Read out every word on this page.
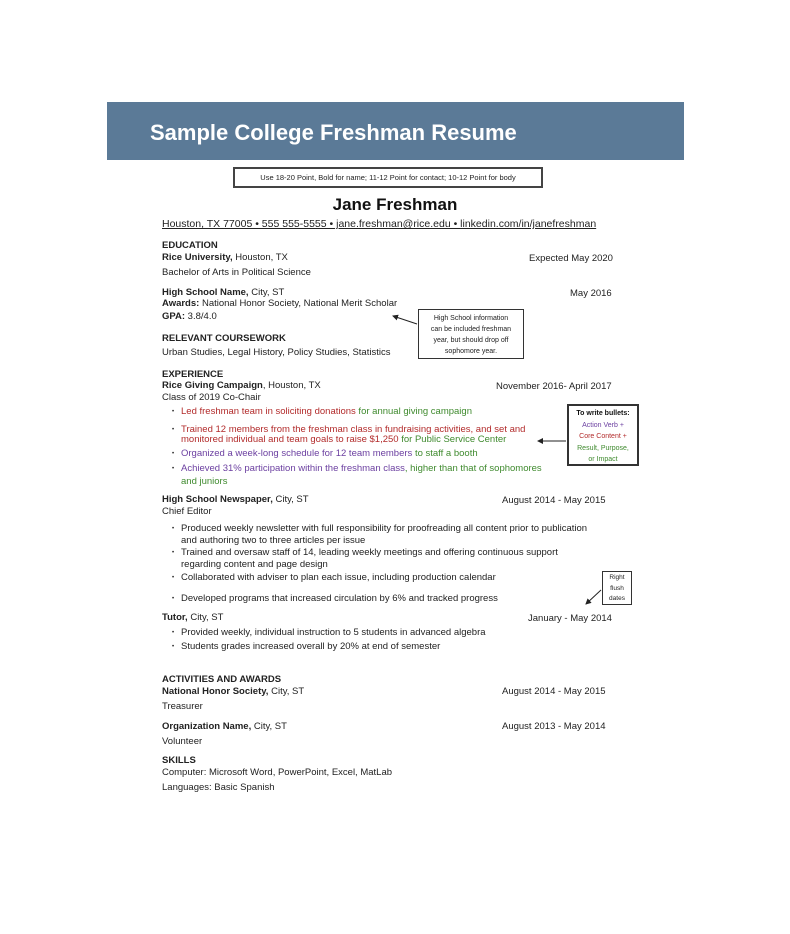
Sample College Freshman Resume
Use 18-20 Point, Bold for name; 11-12 Point for contact; 10-12 Point for body
Jane Freshman
Houston, TX 77005 • 555 555-5555 • jane.freshman@rice.edu • linkedin.com/in/janefreshman
EDUCATION
Rice University, Houston, TX	Expected May 2020
Bachelor of Arts in Political Science
High School Name, City, ST	May 2016
Awards: National Honor Society, National Merit Scholar
GPA: 3.8/4.0	High School information
can be included freshman
year, but should drop off
sophomore year.
RELEVANT COURSEWORK
Urban Studies, Legal History, Policy Studies, Statistics
EXPERIENCE
Rice Giving Campaign, Houston, TX	November 2016- April 2017
Class of 2019 Co-Chair
• Led freshman team in soliciting donations for annual giving campaign
• Trained 12 members from the freshman class in fundraising activities, and set and
monitored individual and team goals to raise $1,250 for Public Service Center
• Organized a week-long schedule for 12 team members to staff a booth
• Achieved 31% participation within the freshman class, higher than that of sophomores
and juniors
To write bullets:
Action Verb +
Core Content +
Result, Purpose,
or Impact
High School Newspaper, City, ST	August 2014 - May 2015
Chief Editor
• Produced weekly newsletter with full responsibility for proofreading all content prior to publication
and authoring two to three articles per issue
• Trained and oversaw staff of 14, leading weekly meetings and offering continuous support
regarding content and page design
• Collaborated with adviser to plan each issue, including production calendar
• Developed programs that increased circulation by 6% and tracked progress
Right
flush
dates
Tutor, City, ST	January - May 2014
• Provided weekly, individual instruction to 5 students in advanced algebra
• Students grades increased overall by 20% at end of semester
ACTIVITIES AND AWARDS
National Honor Society, City, ST	August 2014 - May 2015
Treasurer
Organization Name, City, ST	August 2013 - May 2014
Volunteer
SKILLS
Computer: Microsoft Word, PowerPoint, Excel, MatLab
Languages: Basic Spanish
